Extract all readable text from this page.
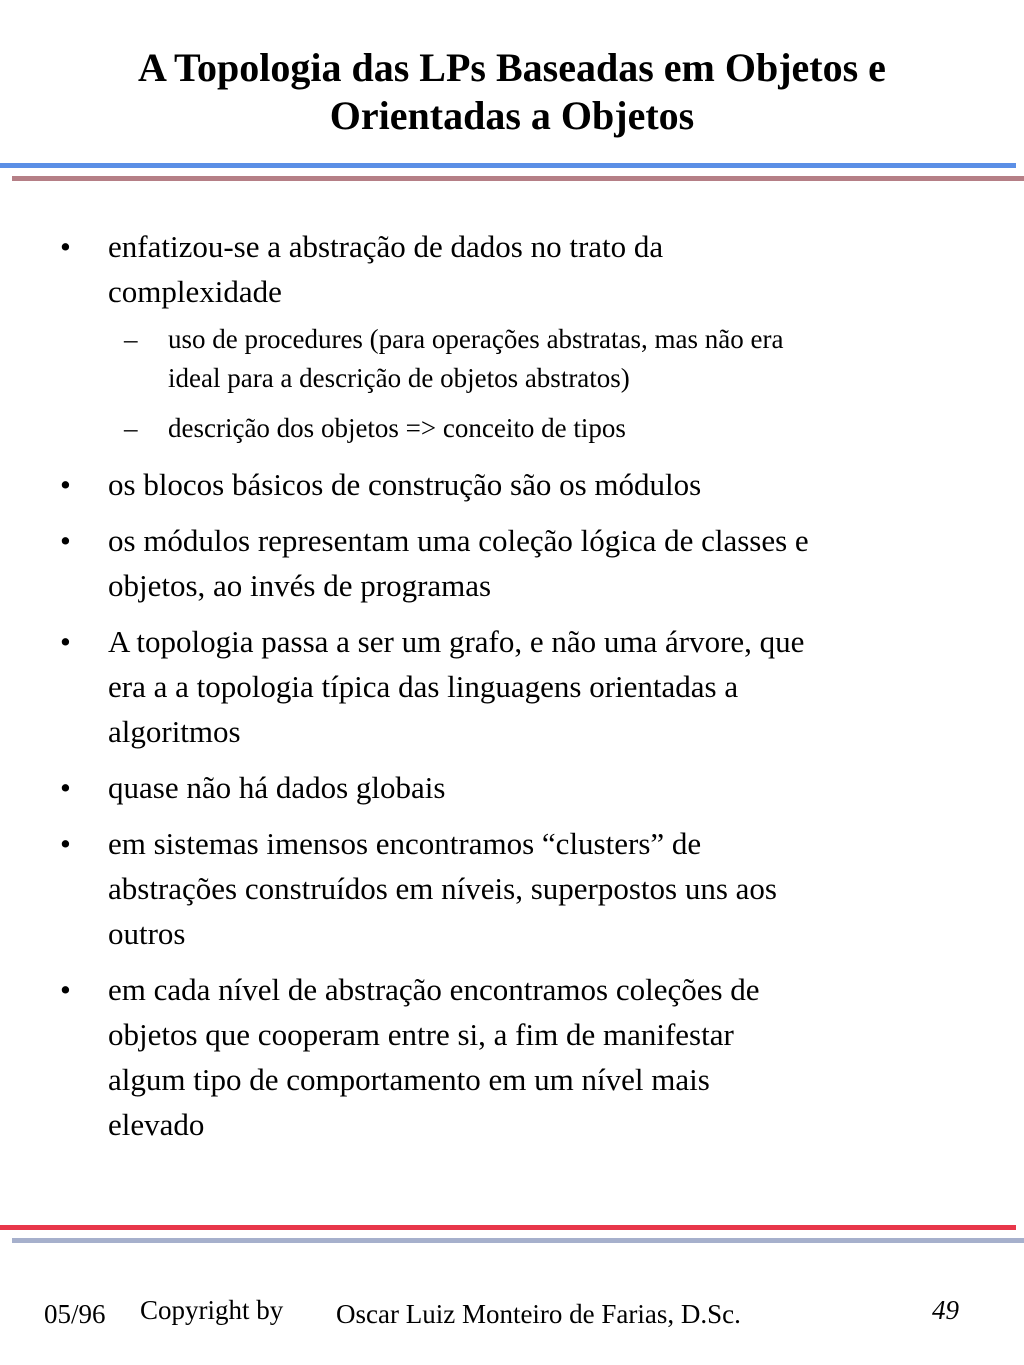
A Topologia das LPs Baseadas em Objetos e
Orientadas a Objetos
• enfatizou-se a abstração de dados no trato da
complexidade
– uso de procedures (para operações abstratas, mas não era
ideal para a descrição de objetos abstratos)
– descrição dos objetos => conceito de tipos
• os blocos básicos de construção são os módulos
• os módulos representam uma coleção lógica de classes e
objetos, ao invés de programas
• A topologia passa a ser um grafo, e não uma árvore, que
era a a topologia típica das linguagens orientadas a
algoritmos
• quase não há dados globais
• em sistemas imensos encontramos “clusters” de
abstrações construídos em níveis, superpostos uns aos
outros
• em cada nível de abstração encontramos coleções de
objetos que cooperam entre si, a fim de manifestar
algum tipo de comportamento em um nível mais
elevado
05/96 Copyright by Oscar Luiz Monteiro de Farias, D.Sc.	49
